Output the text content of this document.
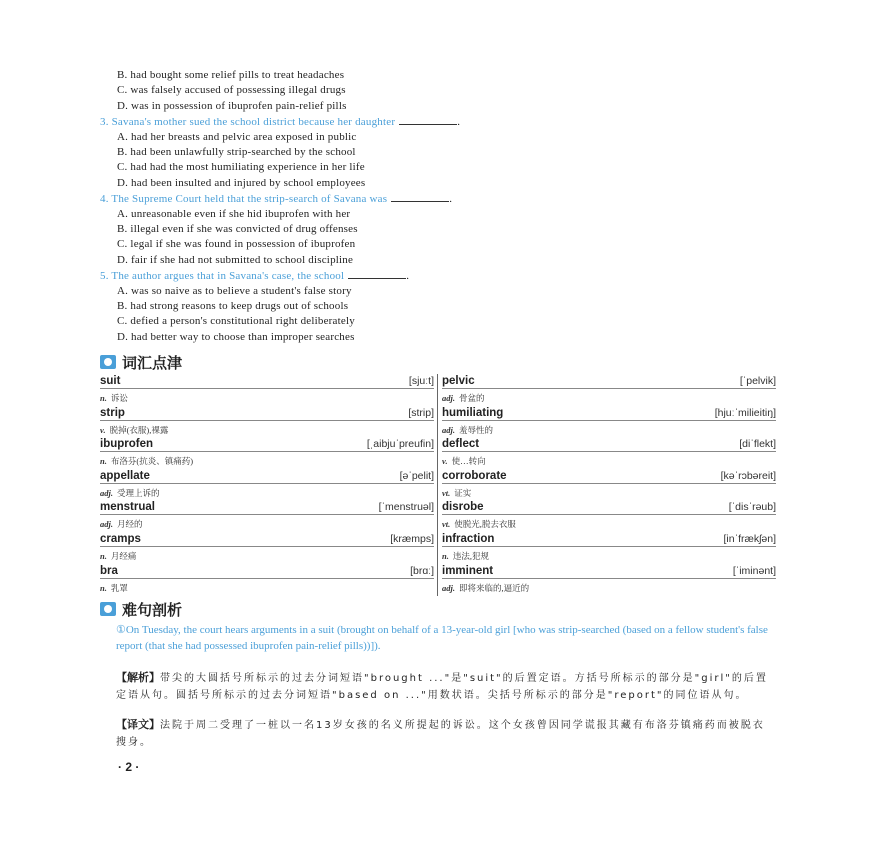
B. had bought some relief pills to treat headaches
C. was falsely accused of possessing illegal drugs
D. was in possession of ibuprofen pain-relief pills
3. Savana's mother sued the school district because her daughter	.
A. had her breasts and pelvic area exposed in public
B. had been unlawfully strip-searched by the school
C. had had the most humiliating experience in her life
D. had been insulted and injured by school employees
4. The Supreme Court held that the strip-search of Savana was	.
A. unreasonable even if she hid ibuprofen with her
B. illegal even if she was convicted of drug offenses
C. legal if she was found in possession of ibuprofen
D. fair if she had not submitted to school discipline
5. The author argues that in Savana's case, the school	.
A. was so naive as to believe a student's false story
B. had strong reasons to keep drugs out of schools
C. defied a person's constitutional right deliberately
D. had better way to choose than improper searches
词汇点津
suit	[sjuːt]
n. 诉讼
strip	[strip]
v. 脱掉(衣服),裸露
ibuprofen	[ˌaibjuˈpreufin]
n. 布洛芬(抗炎、镇痛药)
appellate	[əˈpelit]
adj. 受理上诉的
menstrual	[ˈmenstruəl]
adj. 月经的
cramps	[kræmps]
n. 月经痛
bra	[brɑː]
n. 乳罩
pelvic	[ˈpelvik]
adj. 骨盆的
humiliating	[hjuːˈmilieitiŋ]
adj. 羞辱性的
deflect	[diˈflekt]
v. 使…转向
corroborate	[kəˈrɔbəreit]
vt. 证实
disrobe	[ˈdisˈrəub]
vt. 使脱光,脱去衣服
infraction	[inˈfrækʃən]
n. 违法,犯规
imminent	[ˈiminənt]
adj. 即将来临的,逼近的
难句剖析
①On Tuesday, the court hears arguments in a suit (brought on behalf of a 13-year-old girl [who was strip-searched (based on a fellow student's false report (that she had possessed ibuprofen pain-relief pills))]).
【解析】带尖的大圆括号所标示的过去分词短语"brought ..."是"suit"的后置定语。方括号所标示的部分是"girl"的后置定语从句。圆括号所标示的过去分词短语"based on ..."用数状语。尖括号所标示的部分是"report"的同位语从句。
【译文】法院于周二受理了一桩以一名13岁女孩的名义所提起的诉讼。这个女孩曾因同学谎报其藏有布洛芬镇痛药而被脱衣搜身。
· 2 ·
